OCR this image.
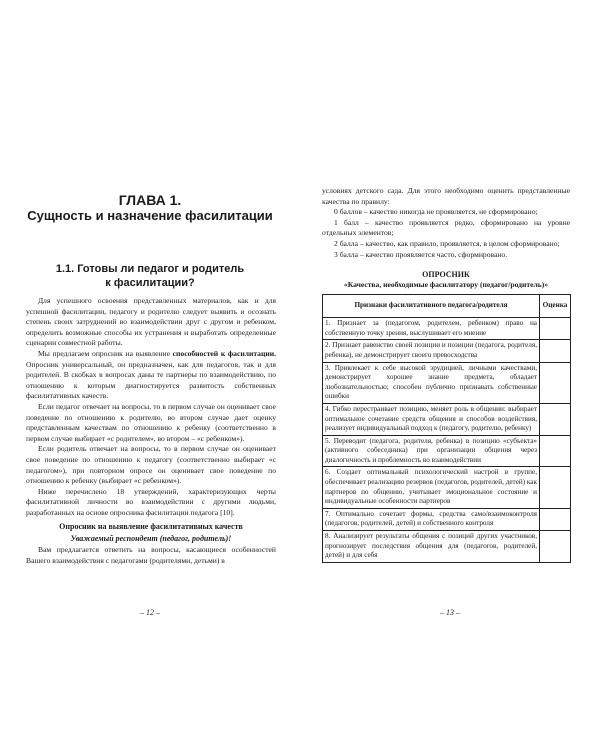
ГЛАВА 1.

Сущность и назначение фасилитации

1.1. Готовы ли педагог и родитель

к фасилитации?

Для успешного освоения представленных материалов, как и для успешной фасилитации, педагогу и родителю следует выявить и осознать степень своих затруднений во взаимодействии друг с другом и ребенком, определить возможные способы их устранения и выработать определенные сценарии совместной работы.

Мы предлагаем опросник на выявление способностей к фасилитации. Опросник универсальный, он предназначен, как для педагогов, так и для родителей. В скобках в вопросах даны те партнеры по взаимодействию, по отношению к которым диагностируется развитость собственных фасилитативных качеств.

Если педагог отвечает на вопросы, то в первом случае он оценивает свое поведение по отношению к родителю, во втором случае дает оценку представленным качествам по отношению к ребенку (соответственно в первом случае выбирает «с родителем», во втором – «с ребенком»).

Если родитель отвечает на вопросы, то в первом случае он оценивает свое поведение по отношению к педагогу (соответственно выбирает «с педагогом»), при повторном опросе он оценивает свое поведение по отношению к ребенку (выбирает «с ребенком»).

Ниже перечислено 18 утверждений, характеризующих черты фасилитативной личности во взаимодействии с другими людьми, разработанных на основе опросника фасилитации педагога [10].

Опросник на выявление фасилитативных качеств

Уважаемый респондент (педагог, родитель)!

Вам предлагается ответить на вопросы, касающиеся особенностей Вашего взаимодействия с педагогами (родителями, детьми) в

– 12 –

условиях детского сада. Для этого необходимо оценить представленные качества по правилу:

0 баллов – качество никогда не проявляется, не сформировано;

1 балл – качество проявляется редко, сформировано на уровне отдельных элементов;

2 балла – качество, как правило, проявляется, в целом сформировано;

3 балла – качество проявляется часто, сформировано.

ОПРОСНИК

«Качества, необходимые фасилитатору (педагог/родитель)»

Признаки фасилитативного педагога/родителя	Оценка
1. Признает за (педагогом, родителем, ребенком) право на собственную точку зрения, выслушивает его мнение	
2. Признает равенство своей позиции и позиции (педагога, родителя, ребенка), не демонстрирует своего превосходства	
3. Привлекает к себе высокой эрудицией, личными качествами, демонстрирует хорошее знание предмета, обладает любознательностью; способен публично признавать собственные ошибки	
4. Гибко перестраивает позицию, меняет роль в общении: выбирает оптимальное сочетание средств общения и способов воздействия, реализует индивидуальный подход к (педагогу, родителю, ребенку)	
5. Переводит (педагога, родителя, ребенка) в позицию «субъекта» (активного собеседника) при организации общения через диалогичность и проблемность во взаимодействии	
6. Создает оптимальный психологический настрой в группе, обеспечивает реализацию резервов (педагогов, родителей, детей) как партнеров по общению, учитывает эмоциональное состояние и индивидуальные особенности партнеров	
7. Оптимально сочетает формы, средства само/взаимоконтроля (педагогов, родителей, детей) и собственного контроля	
8. Анализирует результаты общения с позиций других участников, прогнозирует последствия общения для (педагогов, родителей, детей) и для себя	
– 13 –
